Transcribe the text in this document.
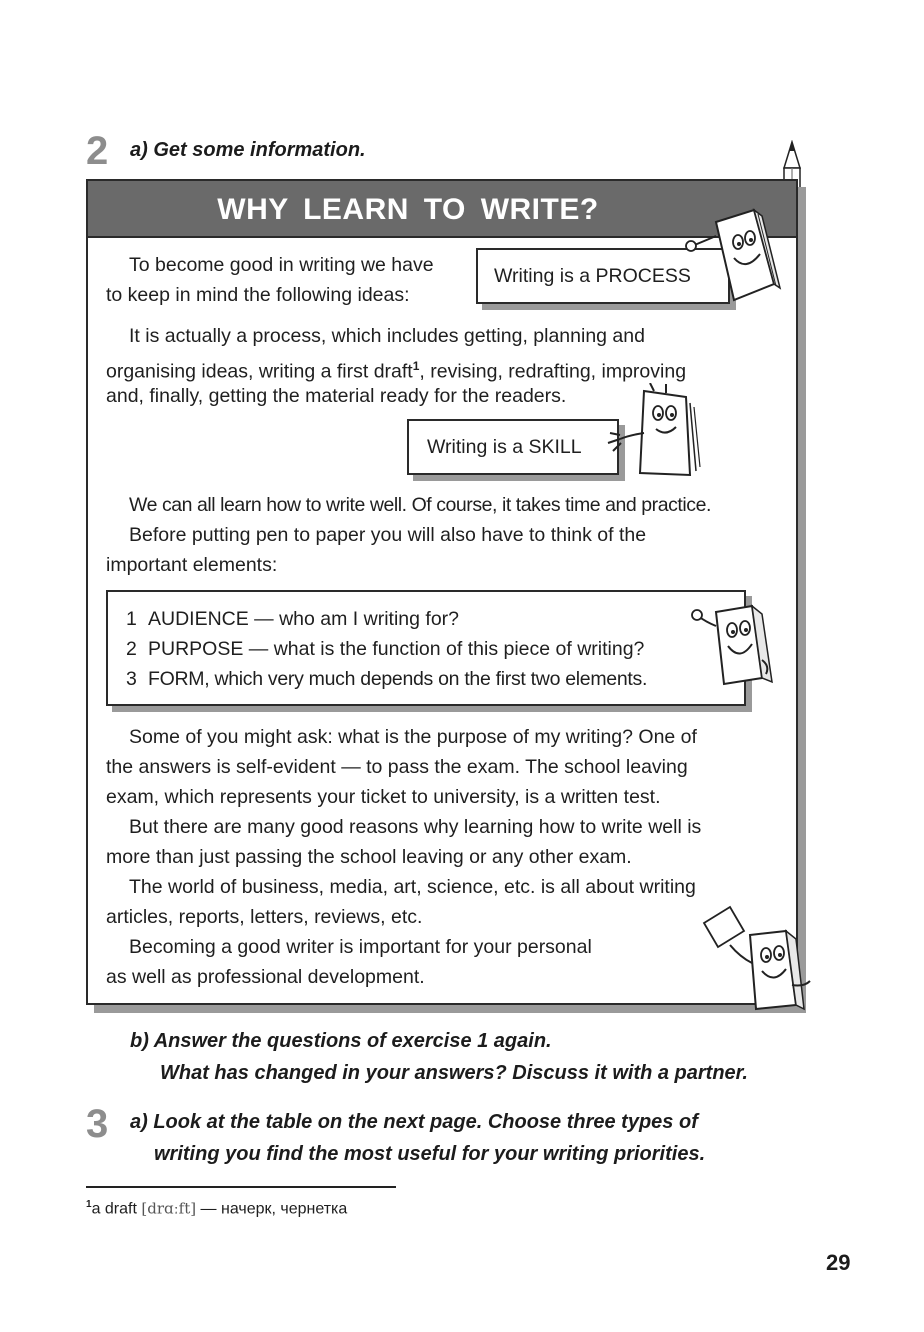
2 a) Get some information.
WHY LEARN TO WRITE?

To become good in writing we have

to keep in mind the following ideas:

It is actually a process, which includes getting, planning and

organising ideas, writing a first draft$^1$, revising, redrafting, improving

and, finally, getting the material ready for the readers.

We can all learn how to write well. Of course, it takes time and practice.

Before putting pen to paper you will also have to think of the

important elements:

1 AUDIENCE — who am I writing for?
2 PURPOSE — what is the function of this piece of writing?
3 FORM, which very much depends on the first two elements.

Some of you might ask: what is the purpose of my writing? One of

the answers is self-evident — to pass the exam. The school leaving

exam, which represents your ticket to university, is a written test.

But there are many good reasons why learning how to write well is

more than just passing the school leaving or any other exam.

The world of business, media, art, science, etc. is all about writing

articles, reports, letters, reviews, etc.

Becoming a good writer is important for your personal

as well as professional development.

Writing is a PROCESS
Writing is a SKILL
b) Answer the questions of exercise 1 again.
What has changed in your answers? Discuss it with a partner.
3 a) Look at the table on the next page. Choose three types of
writing you find the most useful for your writing priorities.
$^1$a draft [drɑːft] — начерк, чернетка
29
